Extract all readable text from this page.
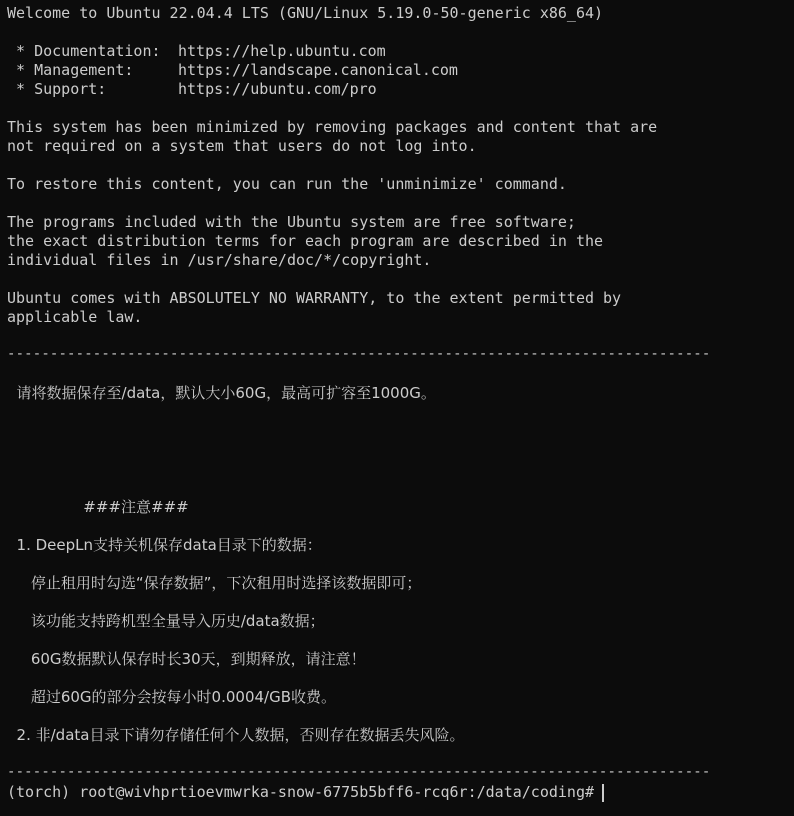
Welcome to Ubuntu 22.04.4 LTS (GNU/Linux 5.19.0-50-generic x86_64)
* Documentation: https://help.ubuntu.com
* Management:	https://landscape.canonical.com
* Support:	https://ubuntu.com/pro
This system has been minimized by removing packages and content that are
not required on a system that users do not log into.
To restore this content, you can run the 'unminimize' command.
The programs included with the Ubuntu system are free software;
the exact distribution terms for each program are described in the
individual files in /usr/share/doc/*/copyright.
Ubuntu comes with ABSOLUTELY NO WARRANTY, to the extent permitted by
applicable law.
----------------------------------------------------------------------------------
请将数据保存至/data，默认大小60G，最高可扩容至1000G。
###注意###
1. DeepLn支持关机保存data目录下的数据：
停止租用时勾选“保存数据”，下次租用时选择该数据即可；
该功能支持跨机型全量导入历史/data数据；
60G数据默认保存时长30天，到期释放，请注意！
超过60G的部分会按每小时0.0004/GB收费。
2. 非/data目录下请勿存储任何个人数据，否则存在数据丢失风险。
----------------------------------------------------------------------------------
(torch) root@wivhprtioevmwrka-snow-6775b5bff6-rcq6r:/data/coding#
